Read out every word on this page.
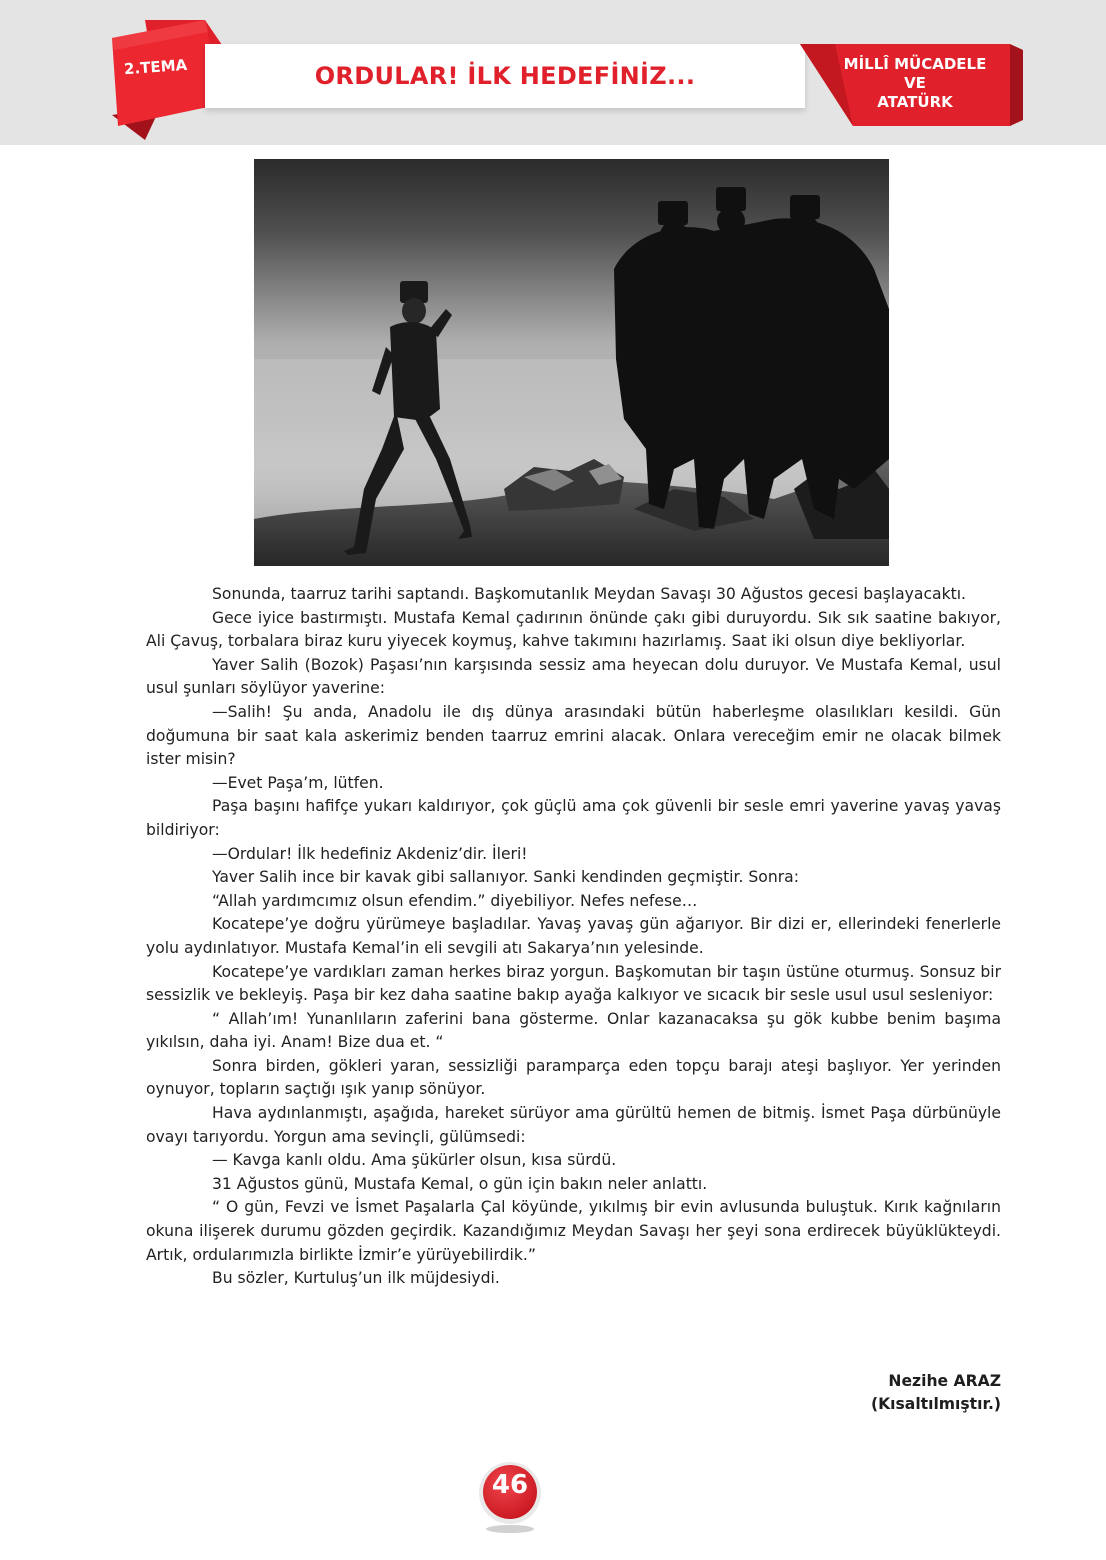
2.TEMA	ORDULAR! İLK HEDEFİNİZ...	MİLLÎ MÜCADELE
VE
ATATÜRK

Sonunda, taarruz tarihi saptandı. Başkomutanlık Meydan Savaşı 30 Ağustos gecesi başlayacaktı.

Gece iyice bastırmıştı. Mustafa Kemal çadırının önünde çakı gibi duruyordu. Sık sık saatine bakıyor, Ali Çavuş, torbalara biraz kuru yiyecek koymuş, kahve takımını hazırlamış. Saat iki olsun diye bekliyorlar.

Yaver Salih (Bozok) Paşası’nın karşısında sessiz ama heyecan dolu duruyor. Ve Mustafa Kemal, usul usul şunları söylüyor yaverine:

—Salih! Şu anda, Anadolu ile dış dünya arasındaki bütün haberleşme olasılıkları kesildi. Gün doğumuna bir saat kala askerimiz benden taarruz emrini alacak. Onlara vereceğim emir ne olacak bilmek ister misin?

—Evet Paşa’m, lütfen.

Paşa başını hafifçe yukarı kaldırıyor, çok güçlü ama çok güvenli bir sesle emri yaverine yavaş yavaş bildiriyor:

—Ordular! İlk hedefiniz Akdeniz’dir. İleri!

Yaver Salih ince bir kavak gibi sallanıyor. Sanki kendinden geçmiştir. Sonra:

“Allah yardımcımız olsun efendim.” diyebiliyor. Nefes nefese…

Kocatepe’ye doğru yürümeye başladılar. Yavaş yavaş gün ağarıyor. Bir dizi er, ellerindeki fenerlerle yolu aydınlatıyor. Mustafa Kemal’in eli sevgili atı Sakarya’nın yelesinde.

Kocatepe’ye vardıkları zaman herkes biraz yorgun. Başkomutan bir taşın üstüne oturmuş. Sonsuz bir sessizlik ve bekleyiş. Paşa bir kez daha saatine bakıp ayağa kalkıyor ve sıcacık bir sesle usul usul sesleniyor:

“ Allah’ım! Yunanlıların zaferini bana gösterme. Onlar kazanacaksa şu gök kubbe benim başıma yıkılsın, daha iyi. Anam! Bize dua et. “

Sonra birden, gökleri yaran, sessizliği paramparça eden topçu barajı ateşi başlıyor. Yer yerinden oynuyor, topların saçtığı ışık yanıp sönüyor.

Hava aydınlanmıştı, aşağıda, hareket sürüyor ama gürültü hemen de bitmiş. İsmet Paşa dürbünüyle ovayı tarıyordu. Yorgun ama sevinçli, gülümsedi:

— Kavga kanlı oldu. Ama şükürler olsun, kısa sürdü.

31 Ağustos günü, Mustafa Kemal, o gün için bakın neler anlattı.

“ O gün, Fevzi ve İsmet Paşalarla Çal köyünde, yıkılmış bir evin avlusunda buluştuk. Kırık kağnıların okuna ilişerek durumu gözden geçirdik. Kazandığımız Meydan Savaşı her şeyi sona erdirecek büyüklükteydi. Artık, ordularımızla birlikte İzmir’e yürüyebilirdik.”

Bu sözler, Kurtuluş’un ilk müjdesiydi.

Nezihe ARAZ
(Kısaltılmıştır.)
46
